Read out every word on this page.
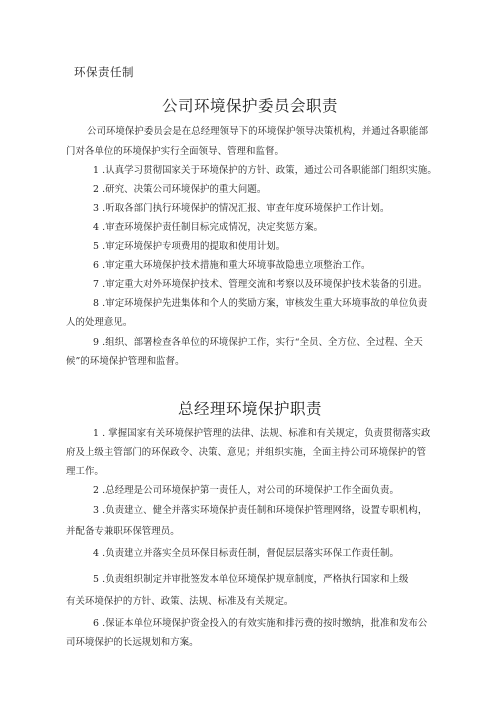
环保责任制
公司环境保护委员会职责
公司环境保护委员会是在总经理领导下的环境保护领导决策机构，并通过各职能部
门对各单位的环境保护实行全面领导、管理和监督。
1 .认真学习贯彻国家关于环境保护的方针、政策，通过公司各职能部门组织实施。
2 .研究、决策公司环境保护的重大问题。
3 .听取各部门执行环境保护的情况汇报、审查年度环境保护工作计划。
4 .审查环境保护责任制目标完成情况，决定奖惩方案。
5 .审定环境保护专项费用的提取和使用计划。
6 .审定重大环境保护技术措施和重大环境事故隐患立项整治工作。
7 .审定重大对外环境保护技术、管理交流和考察以及环境保护技术装备的引进。
8 .审定环境保护先进集体和个人的奖励方案，审核发生重大环境事故的单位负责
人的处理意见。
9 .组织、部署检查各单位的环境保护工作，实行“全员、全方位、全过程、全天
候”的环境保护管理和监督。
总经理环境保护职责
1 . 掌握国家有关环境保护管理的法律、法规、标准和有关规定，负责贯彻落实政
府及上级主管部门的环保政令、决策、意见；并组织实施，全面主持公司环境保护的管
理工作。
2 .总经理是公司环境保护第一责任人，对公司的环境保护工作全面负责。
3 .负责建立、健全并落实环境保护责任制和环境保护管理网络，设置专职机构，
并配备专兼职环保管理员。
4 .负责建立并落实全员环保目标责任制，督促层层落实环保工作责任制。
5 .负责组织制定并审批签发本单位环境保护规章制度，严格执行国家和上级
有关环境保护的方针、政策、法规、标准及有关规定。
6 .保证本单位环境保护资金投入的有效实施和排污费的按时缴纳，批准和发布公
司环境保护的长远规划和方案。
